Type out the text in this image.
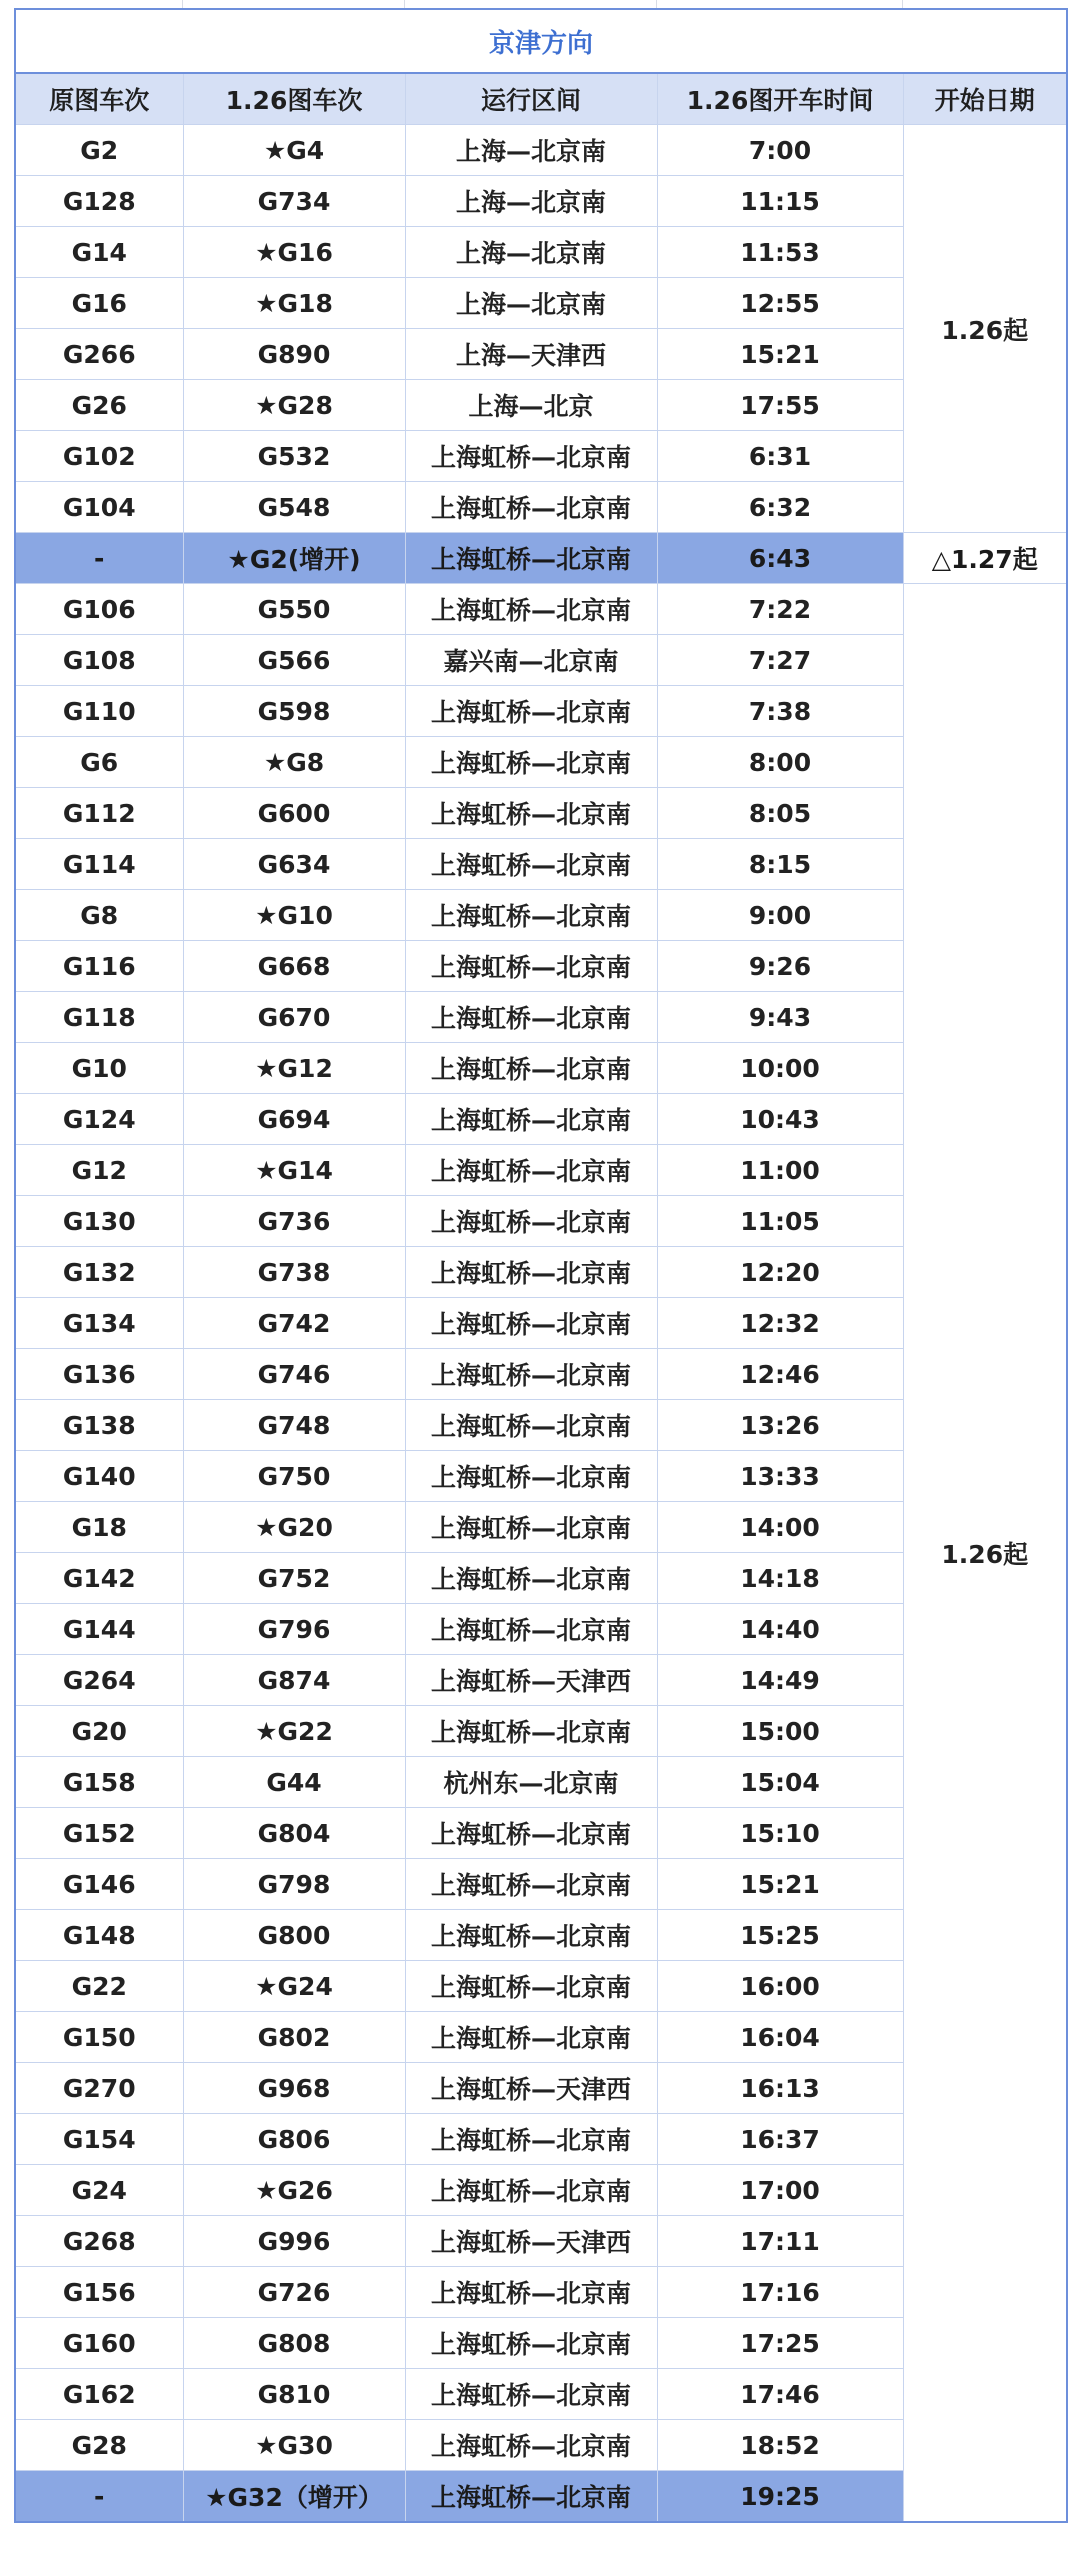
京津方向				
原图车次	1.26图车次	运行区间	1.26图开车时间	开始日期
G2	★G4	上海—北京南	7:00	1.26起
G128	G734	上海—北京南	11:15	
G14	★G16	上海—北京南	11:53	
G16	★G18	上海—北京南	12:55	
G266	G890	上海—天津西	15:21	
G26	★G28	上海—北京	17:55	
G102	G532	上海虹桥—北京南	6:31	
G104	G548	上海虹桥—北京南	6:32	
-	★G2(增开)	上海虹桥—北京南	6:43	△1.27起
G106	G550	上海虹桥—北京南	7:22	1.26起
G108	G566	嘉兴南—北京南	7:27	
G110	G598	上海虹桥—北京南	7:38	
G6	★G8	上海虹桥—北京南	8:00	
G112	G600	上海虹桥—北京南	8:05	
G114	G634	上海虹桥—北京南	8:15	
G8	★G10	上海虹桥—北京南	9:00	
G116	G668	上海虹桥—北京南	9:26	
G118	G670	上海虹桥—北京南	9:43	
G10	★G12	上海虹桥—北京南	10:00	
G124	G694	上海虹桥—北京南	10:43	
G12	★G14	上海虹桥—北京南	11:00	
G130	G736	上海虹桥—北京南	11:05	
G132	G738	上海虹桥—北京南	12:20	
G134	G742	上海虹桥—北京南	12:32	
G136	G746	上海虹桥—北京南	12:46	
G138	G748	上海虹桥—北京南	13:26	
G140	G750	上海虹桥—北京南	13:33	
G18	★G20	上海虹桥—北京南	14:00	
G142	G752	上海虹桥—北京南	14:18	
G144	G796	上海虹桥—北京南	14:40	
G264	G874	上海虹桥—天津西	14:49	
G20	★G22	上海虹桥—北京南	15:00	
G158	G44	杭州东—北京南	15:04	
G152	G804	上海虹桥—北京南	15:10	
G146	G798	上海虹桥—北京南	15:21	
G148	G800	上海虹桥—北京南	15:25	
G22	★G24	上海虹桥—北京南	16:00	
G150	G802	上海虹桥—北京南	16:04	
G270	G968	上海虹桥—天津西	16:13	
G154	G806	上海虹桥—北京南	16:37	
G24	★G26	上海虹桥—北京南	17:00	
G268	G996	上海虹桥—天津西	17:11	
G156	G726	上海虹桥—北京南	17:16	
G160	G808	上海虹桥—北京南	17:25	
G162	G810	上海虹桥—北京南	17:46	
G28	★G30	上海虹桥—北京南	18:52	
-	★G32（增开）	上海虹桥—北京南	19:25	
